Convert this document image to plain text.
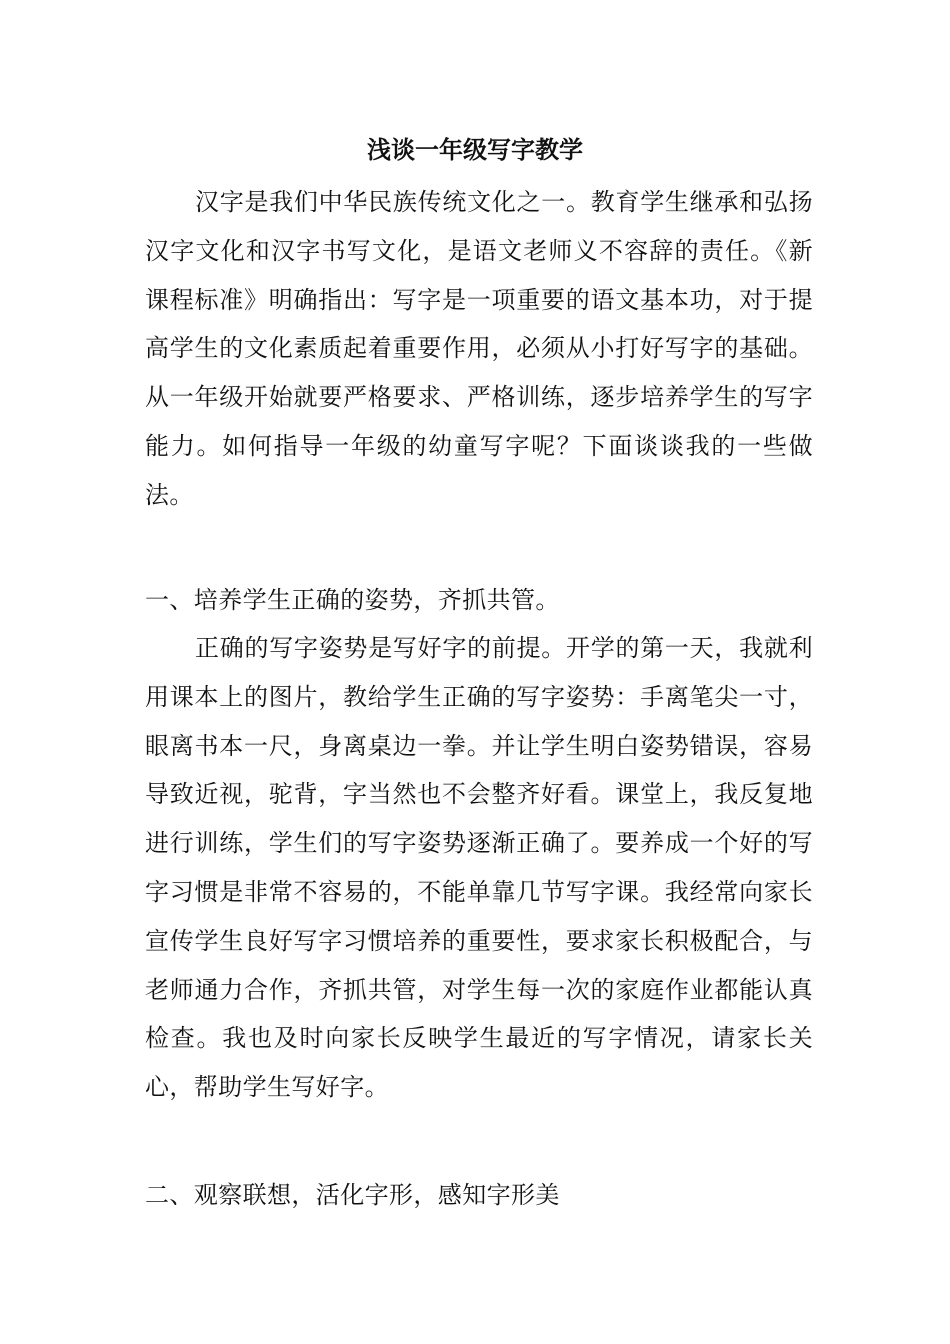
浅谈一年级写字教学

汉字是我们中华民族传统文化之一。教育学生继承和弘扬汉字文化和汉字书写文化，是语文老师义不容辞的责任。《新课程标准》明确指出：写字是一项重要的语文基本功，对于提高学生的文化素质起着重要作用，必须从小打好写字的基础。从一年级开始就要严格要求、严格训练，逐步培养学生的写字能力。如何指导一年级的幼童写字呢？下面谈谈我的一些做法。

一、培养学生正确的姿势，齐抓共管。

正确的写字姿势是写好字的前提。开学的第一天，我就利用课本上的图片，教给学生正确的写字姿势：手离笔尖一寸，眼离书本一尺，身离桌边一拳。并让学生明白姿势错误，容易导致近视，驼背，字当然也不会整齐好看。课堂上，我反复地进行训练，学生们的写字姿势逐渐正确了。要养成一个好的写字习惯是非常不容易的，不能单靠几节写字课。我经常向家长宣传学生良好写字习惯培养的重要性，要求家长积极配合，与老师通力合作，齐抓共管，对学生每一次的家庭作业都能认真检查。我也及时向家长反映学生最近的写字情况，请家长关心，帮助学生写好字。

二、观察联想，活化字形，感知字形美
